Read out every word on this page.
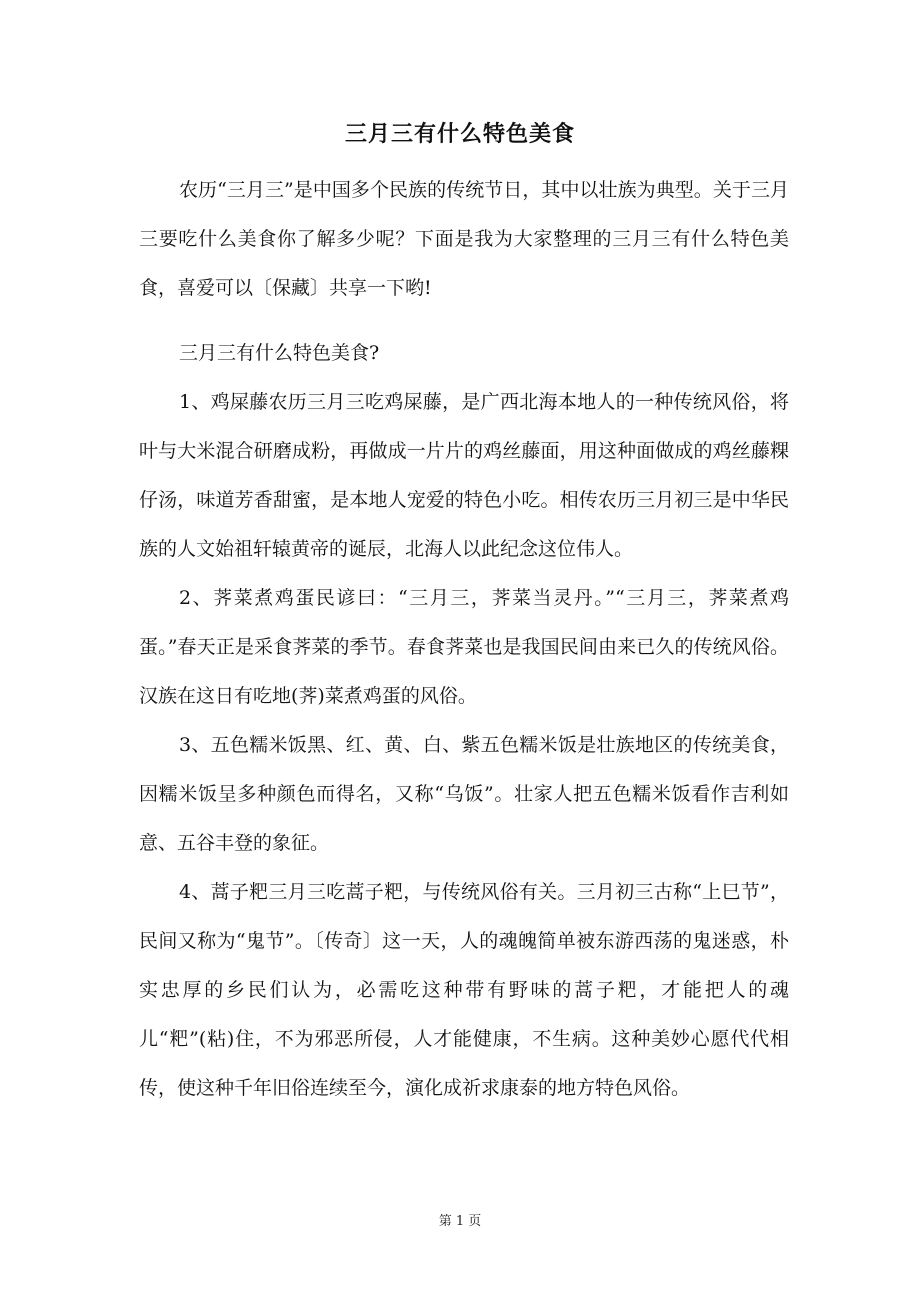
三月三有什么特色美食

农历“三月三”是中国多个民族的传统节日，其中以壮族为典型。关于三月三要吃什么美食你了解多少呢？下面是我为大家整理的三月三有什么特色美食，喜爱可以〔保藏〕共享一下哟!

三月三有什么特色美食?

1、鸡屎藤农历三月三吃鸡屎藤，是广西北海本地人的一种传统风俗，将叶与大米混合研磨成粉，再做成一片片的鸡丝藤面，用这种面做成的鸡丝藤粿仔汤，味道芳香甜蜜，是本地人宠爱的特色小吃。相传农历三月初三是中华民族的人文始祖轩辕黄帝的诞辰，北海人以此纪念这位伟人。

2、荠菜煮鸡蛋民谚曰：“三月三，荠菜当灵丹。”“三月三，荠菜煮鸡蛋。”春天正是采食荠菜的季节。春食荠菜也是我国民间由来已久的传统风俗。 汉族在这日有吃地(荠)菜煮鸡蛋的风俗。

3、五色糯米饭黑、红、黄、白、紫五色糯米饭是壮族地区的传统美食，因糯米饭呈多种颜色而得名，又称“乌饭”。壮家人把五色糯米饭看作吉利如意、五谷丰登的象征。

4、蒿子粑三月三吃蒿子粑，与传统风俗有关。三月初三古称“上巳节”，民间又称为“鬼节”。〔传奇〕这一天，人的魂魄简单被东游西荡的鬼迷惑，朴实忠厚的乡民们认为，必需吃这种带有野味的蒿子粑，才能把人的魂儿“粑”(粘)住，不为邪恶所侵，人才能健康，不生病。这种美妙心愿代代相传，使这种千年旧俗连续至今，演化成祈求康泰的地方特色风俗。

第 1 页
